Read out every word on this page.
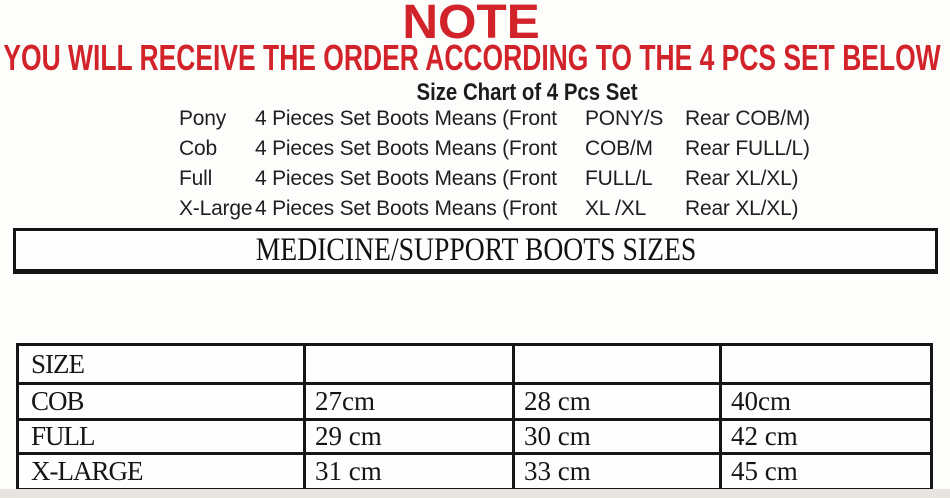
NOTE
YOU WILL RECEIVE THE ORDER ACCORDING TO THE 4 PCS SET BELOW
Size Chart of 4 Pcs Set
Pony	4 Pieces Set Boots Means (Front	PONY/S	Rear COB/M)
Cob	4 Pieces Set Boots Means (Front	COB/M	Rear FULL/L)
Full	4 Pieces Set Boots Means (Front	FULL/L	Rear XL/XL)
X-Large 4 Pieces Set Boots Means (Front	XL /XL	Rear XL/XL)
MEDICINE/SUPPORT BOOTS SIZES
SIZE			
COB	27cm	28 cm	40cm
FULL	29 cm	30 cm	42 cm
X-LARGE	31 cm	33 cm	45 cm
